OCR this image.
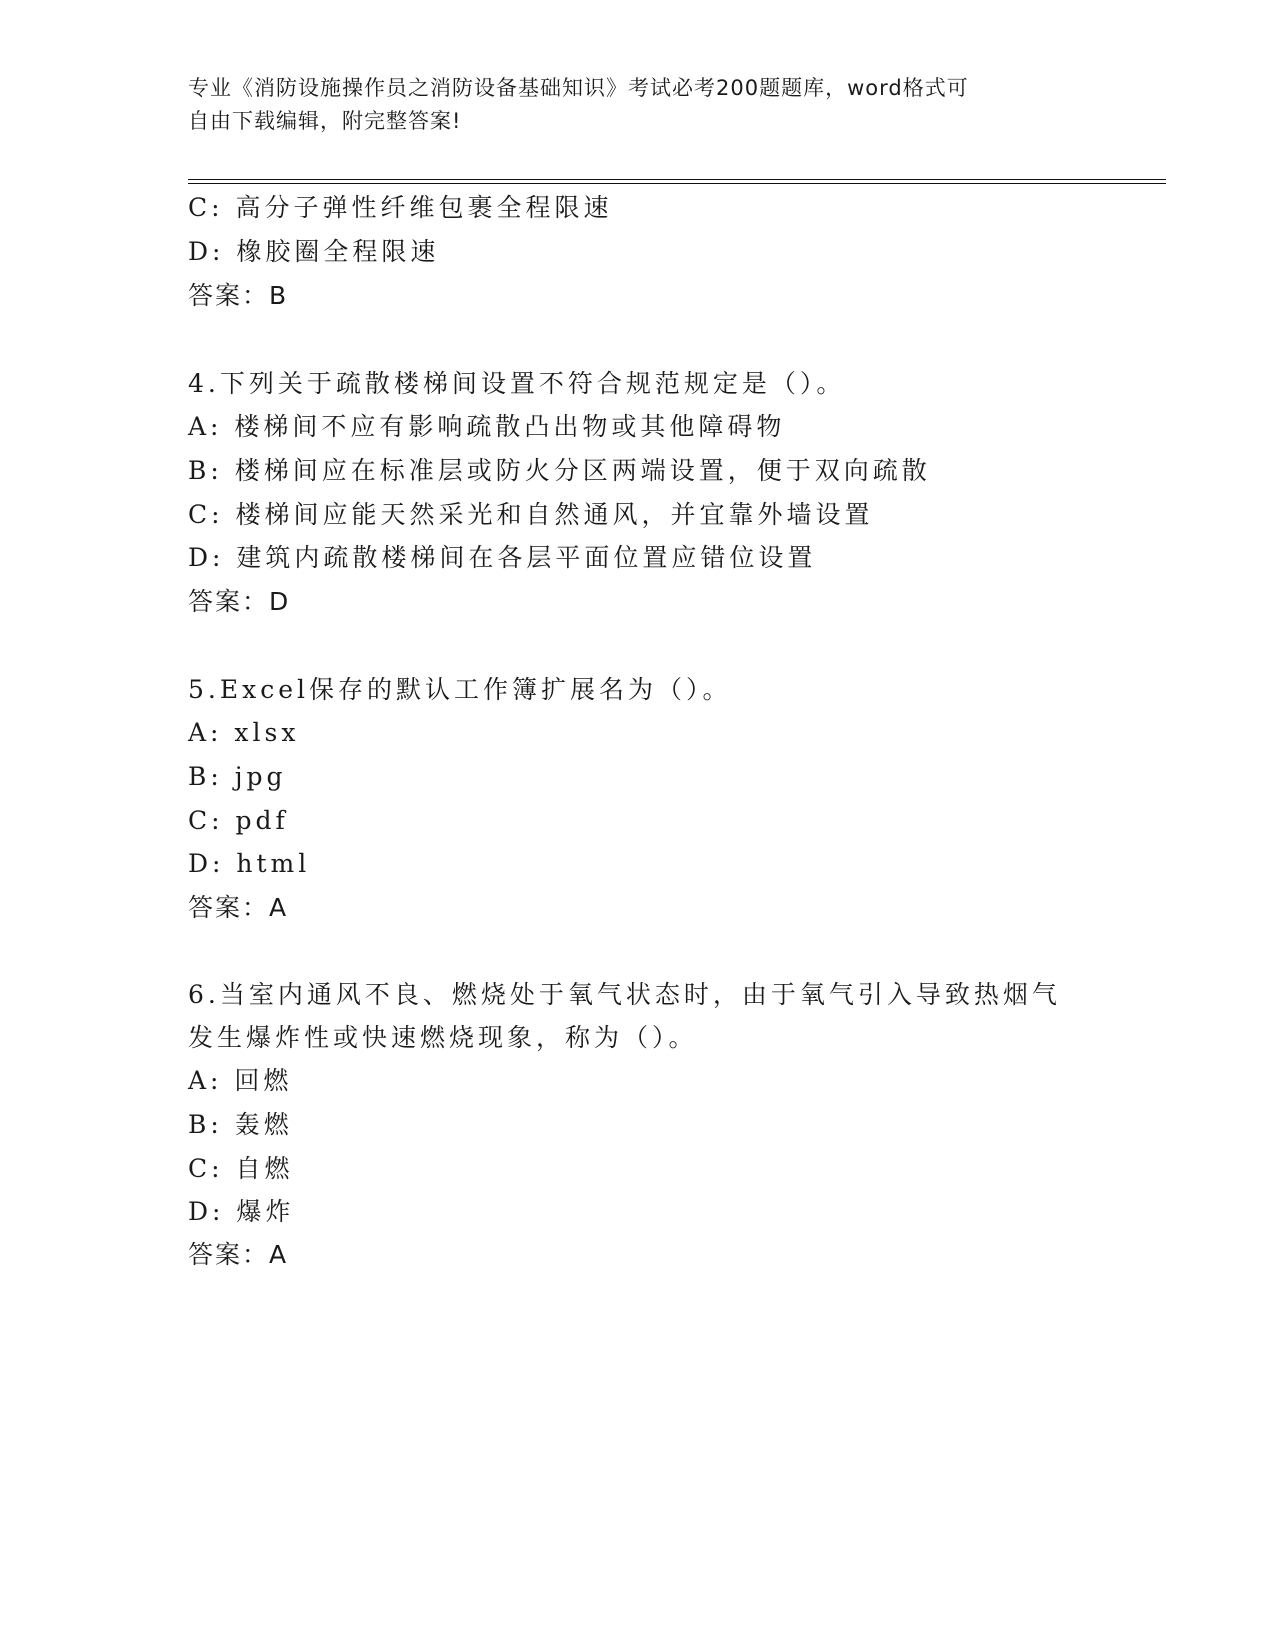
专业《消防设施操作员之消防设备基础知识》考试必考200题题库，word格式可
自由下载编辑，附完整答案!
C: 高分子弹性纤维包裹全程限速
D: 橡胶圈全程限速
答案：B
4.下列关于疏散楼梯间设置不符合规范规定是（）。
A: 楼梯间不应有影响疏散凸出物或其他障碍物
B: 楼梯间应在标准层或防火分区两端设置，便于双向疏散
C: 楼梯间应能天然采光和自然通风，并宜靠外墙设置
D: 建筑内疏散楼梯间在各层平面位置应错位设置
答案：D
5.Excel保存的默认工作簿扩展名为（）。
A: xlsx
B: jpg
C: pdf
D: html
答案：A
6.当室内通风不良、燃烧处于氧气状态时，由于氧气引入导致热烟气
发生爆炸性或快速燃烧现象，称为（）。
A: 回燃
B: 轰燃
C: 自燃
D: 爆炸
答案：A
